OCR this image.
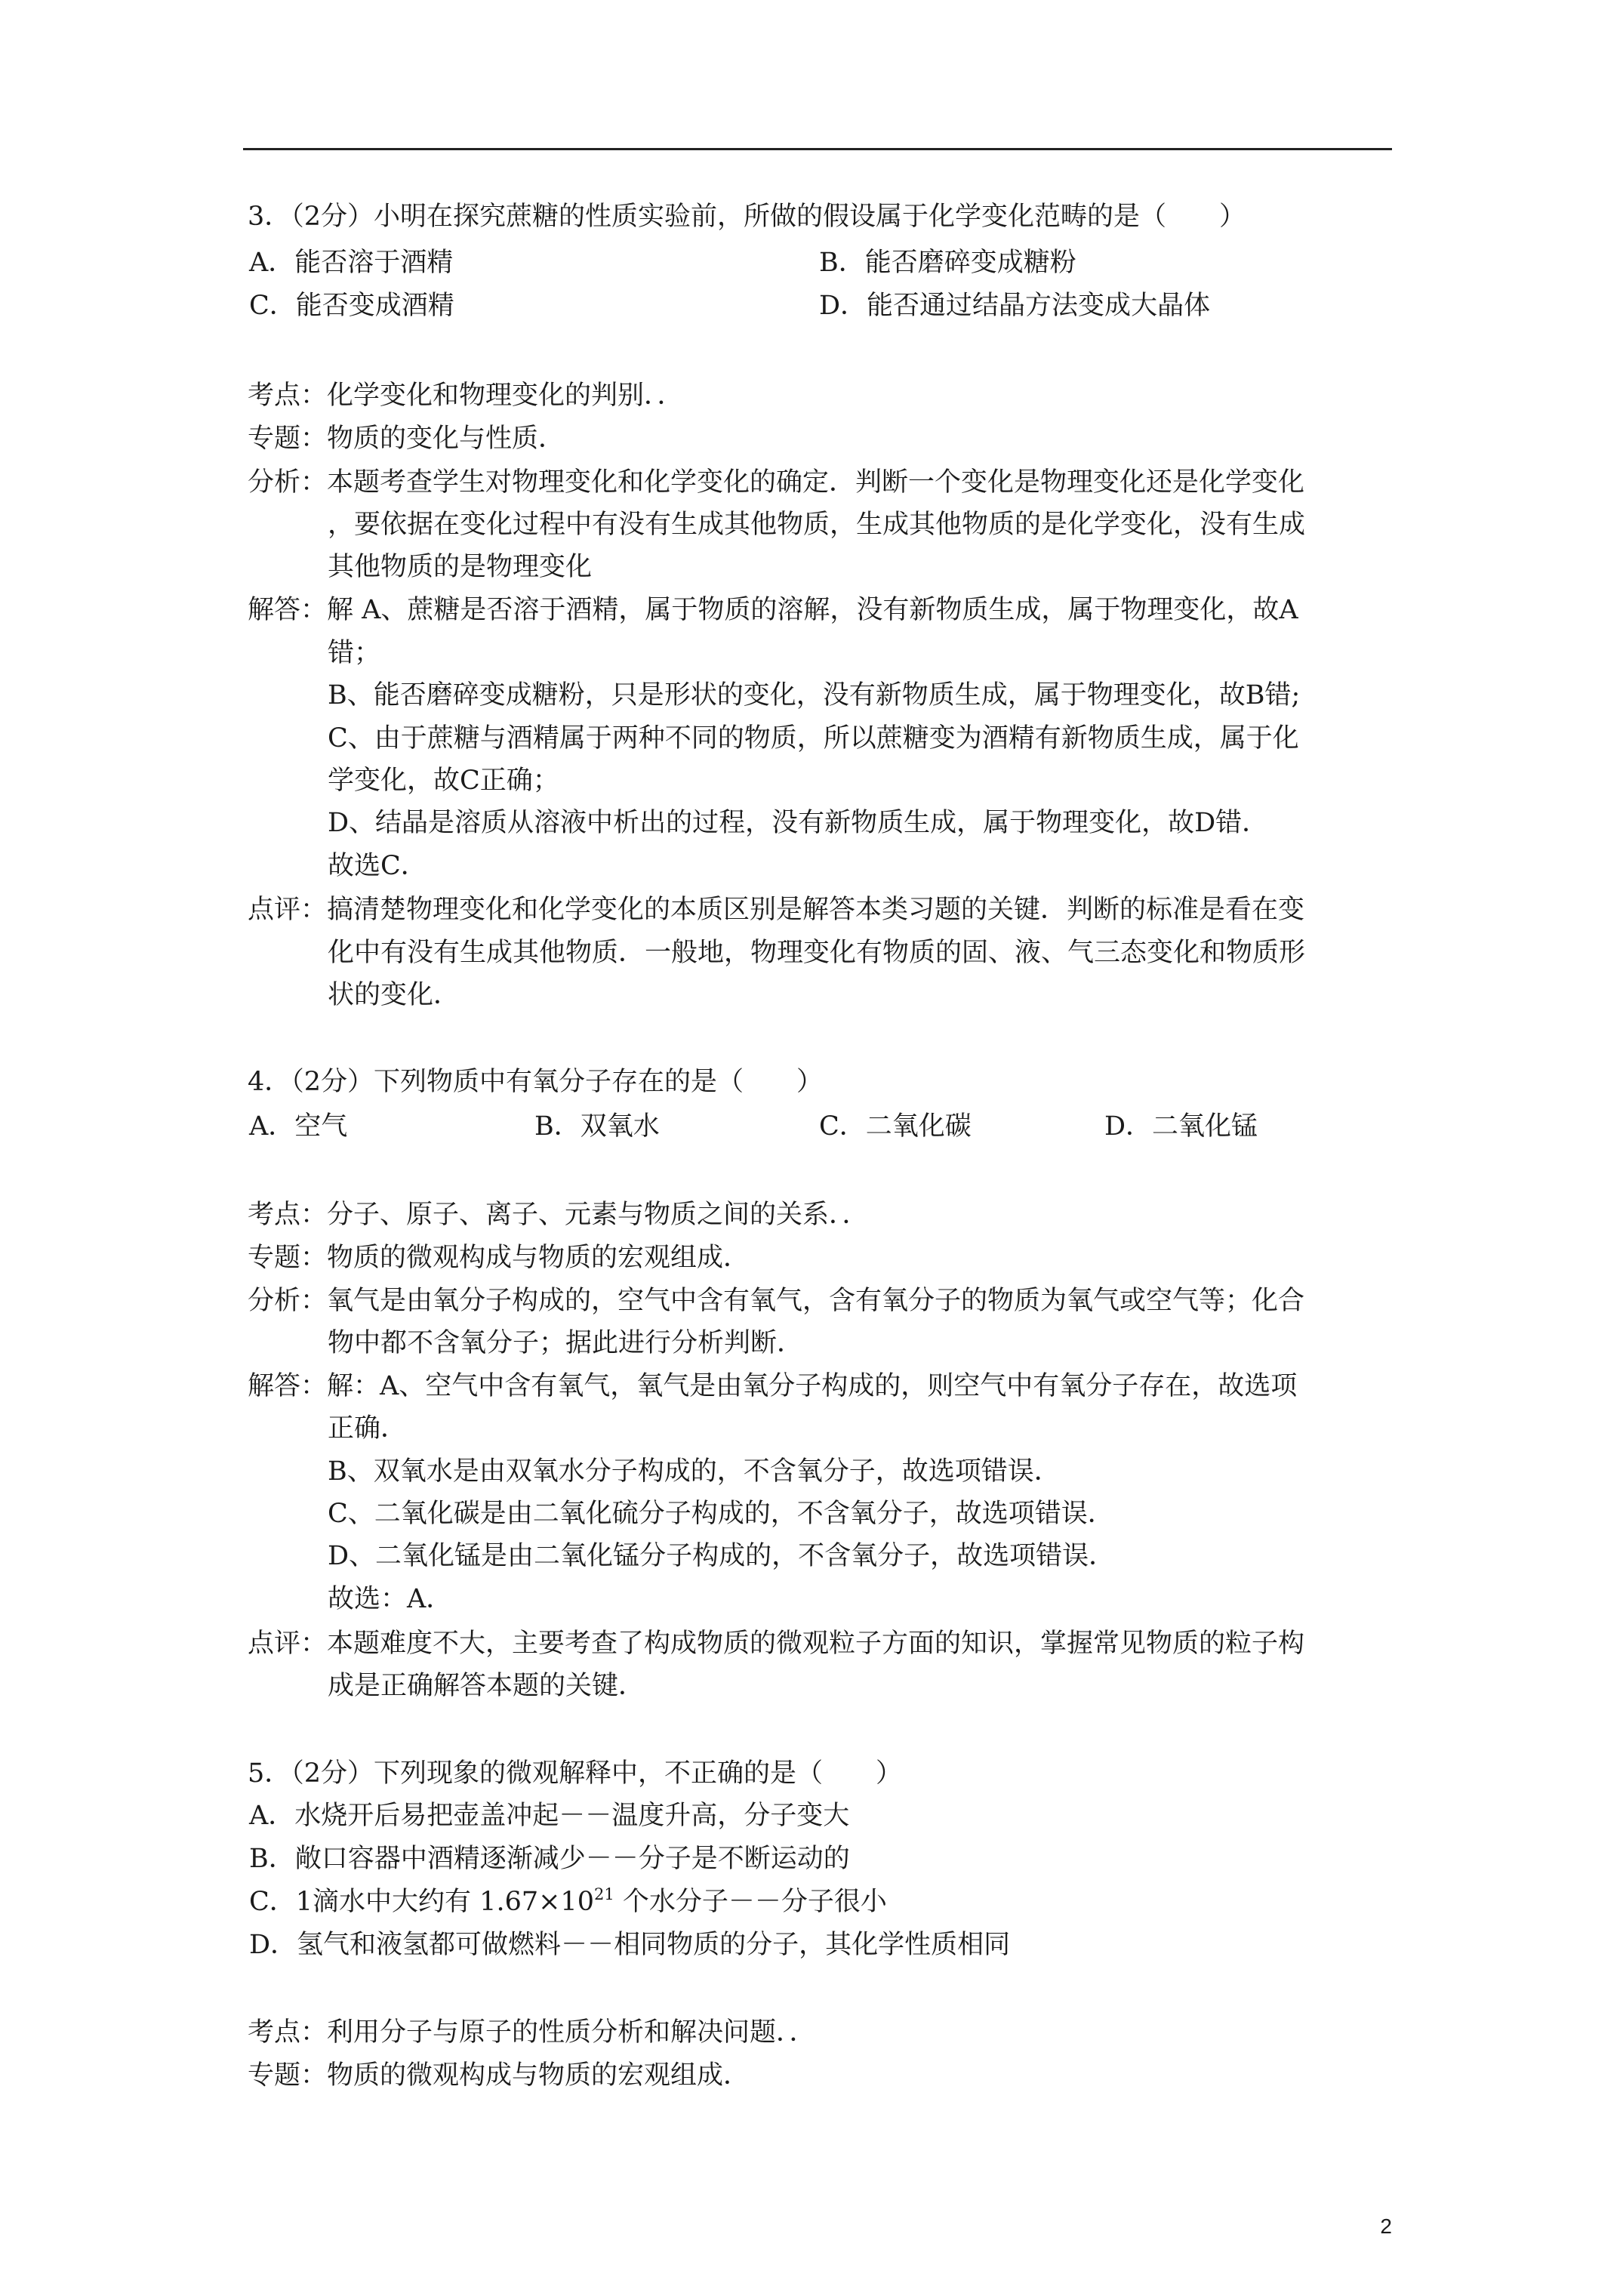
3．（2分）小明在探究蔗糖的性质实验前，所做的假设属于化学变化范畴的是（　　）
A．能否溶于酒精	B．能否磨碎变成糖粉
C．能否变成酒精	D．能否通过结晶方法变成大晶体
考点：化学变化和物理变化的判别．．
专题：物质的变化与性质．
分析：本题考查学生对物理变化和化学变化的确定．判断一个变化是物理变化还是化学变化
，要依据在变化过程中有没有生成其他物质，生成其他物质的是化学变化，没有生成
其他物质的是物理变化
解答：解 A、蔗糖是否溶于酒精，属于物质的溶解，没有新物质生成，属于物理变化，故A
错；
B、能否磨碎变成糖粉，只是形状的变化，没有新物质生成，属于物理变化，故B错;
C、由于蔗糖与酒精属于两种不同的物质，所以蔗糖变为酒精有新物质生成，属于化
学变化，故C正确；
D、结晶是溶质从溶液中析出的过程，没有新物质生成，属于物理变化，故D错．
故选C．
点评：搞清楚物理变化和化学变化的本质区别是解答本类习题的关键．判断的标准是看在变
化中有没有生成其他物质．一般地，物理变化有物质的固、液、气三态变化和物质形
状的变化．
4．（2分）下列物质中有氧分子存在的是（　　）
A．空气	B．双氧水	C．二氧化碳	D．二氧化锰
考点：分子、原子、离子、元素与物质之间的关系．．
专题：物质的微观构成与物质的宏观组成．
分析：氧气是由氧分子构成的，空气中含有氧气，含有氧分子的物质为氧气或空气等；化合
物中都不含氧分子；据此进行分析判断．
解答：解：A、空气中含有氧气，氧气是由氧分子构成的，则空气中有氧分子存在，故选项
正确．
B、双氧水是由双氧水分子构成的，不含氧分子，故选项错误．
C、二氧化碳是由二氧化硫分子构成的，不含氧分子，故选项错误．
D、二氧化锰是由二氧化锰分子构成的，不含氧分子，故选项错误．
故选：A．
点评：本题难度不大，主要考查了构成物质的微观粒子方面的知识，掌握常见物质的粒子构
成是正确解答本题的关键．
5．（2分）下列现象的微观解释中，不正确的是（　　）
A．水烧开后易把壶盖冲起－－温度升高，分子变大
B．敞口容器中酒精逐渐减少－－分子是不断运动的
C．1滴水中大约有 $1.67\times 10^{21}$ 个水分子－－分子很小
D．氢气和液氢都可做燃料－－相同物质的分子，其化学性质相同
考点：利用分子与原子的性质分析和解决问题．．
专题：物质的微观构成与物质的宏观组成．
2
